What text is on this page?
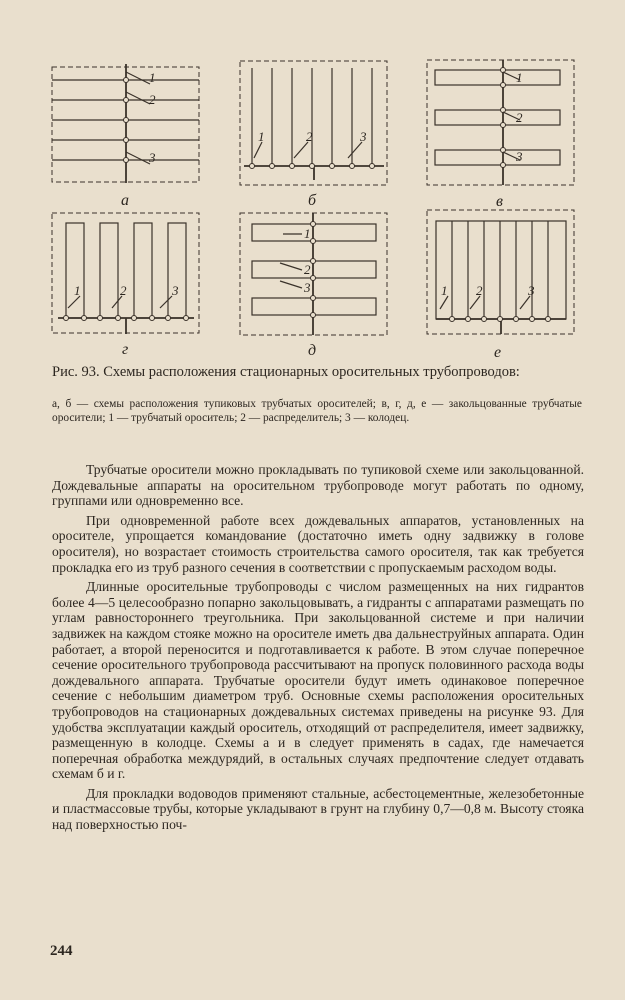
1
2
3
а
1	2	3
б
1
2
3
в
1	2	3
г
1
2
3
д
1 2	3
е

Рис. 93. Схемы расположения стационарных оросительных трубопроводов:

а, б — схемы расположения тупиковых трубчатых оросителей; в, г, д, е — закольцованные трубчатые оросители; 1 — трубчатый ороситель; 2 — распределитель; 3 — колодец.

Трубчатые оросители можно прокладывать по тупиковой схеме или закольцованной. Дождевальные аппараты на оросительном трубопроводе могут работать по одному, группами или одновременно все.

При одновременной работе всех дождевальных аппаратов, установленных на оросителе, упрощается командование (достаточно иметь одну задвижку в голове оросителя), но возрастает стоимость строительства самого оросителя, так как требуется прокладка его из труб разного сечения в соответствии с пропускаемым расходом воды.

Длинные оросительные трубопроводы с числом размещенных на них гидрантов более 4—5 целесообразно попарно закольцовывать, а гидранты с аппаратами размещать по углам равностороннего треугольника. При закольцованной системе и при наличии задвижек на каждом стояке можно на оросителе иметь два дальнеструйных аппарата. Один работает, а второй переносится и подготавливается к работе. В этом случае поперечное сечение оросительного трубопровода рассчитывают на пропуск половинного расхода воды дождевального аппарата. Трубчатые оросители будут иметь одинаковое поперечное сечение с небольшим диаметром труб. Основные схемы расположения оросительных трубопроводов на стационарных дождевальных системах приведены на рисунке 93. Для удобства эксплуатации каждый ороситель, отходящий от распределителя, имеет задвижку, размещенную в колодце. Схемы а и в следует применять в садах, где намечается поперечная обработка междурядий, в остальных случаях предпочтение следует отдавать схемам б и г.

Для прокладки водоводов применяют стальные, асбестоцементные, железобетонные и пластмассовые трубы, которые укладывают в грунт на глубину 0,7—0,8 м. Высоту стояка над поверхностью поч-

244
